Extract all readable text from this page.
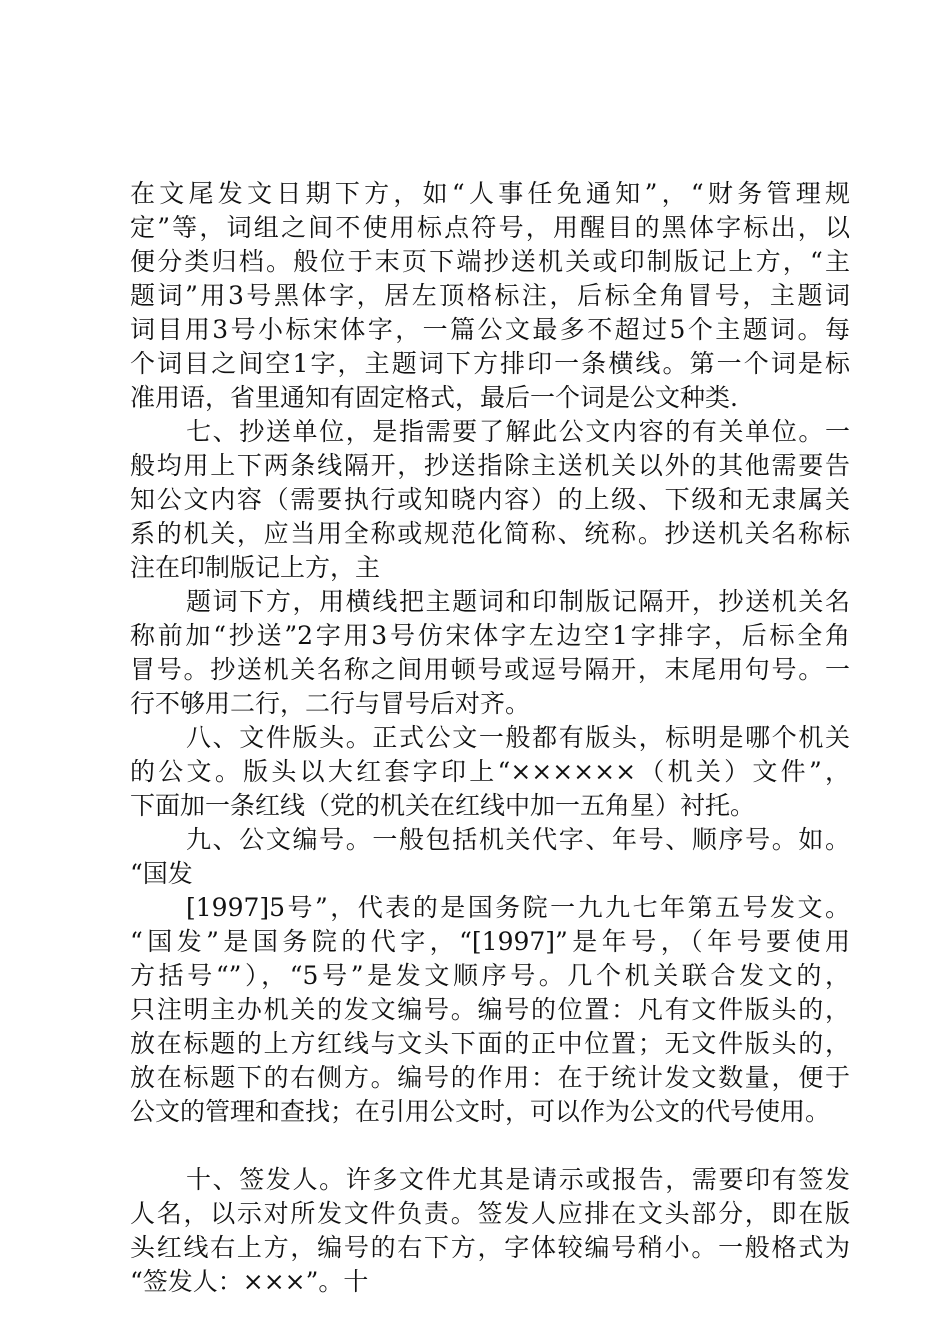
在文尾发文日期下方，如“人事任免通知”，“财务管理规
定”等，词组之间不使用标点符号，用醒目的黑体字标出，以
便分类归档。般位于末页下端抄送机关或印制版记上方，“主
题词”用3号黑体字，居左顶格标注，后标全角冒号，主题词
词目用3号小标宋体字，一篇公文最多不超过5个主题词。每
个词目之间空1字，主题词下方排印一条横线。第一个词是标
准用语，省里通知有固定格式，最后一个词是公文种类.
七、抄送单位，是指需要了解此公文内容的有关单位。一
般均用上下两条线隔开，抄送指除主送机关以外的其他需要告
知公文内容（需要执行或知晓内容）的上级、下级和无隶属关
系的机关，应当用全称或规范化简称、统称。抄送机关名称标
注在印制版记上方，主
题词下方，用横线把主题词和印制版记隔开，抄送机关名
称前加“抄送”2字用3号仿宋体字左边空1字排字，后标全角
冒号。抄送机关名称之间用顿号或逗号隔开，末尾用句号。一
行不够用二行，二行与冒号后对齐。
八、文件版头。正式公文一般都有版头，标明是哪个机关
的公文。版头以大红套字印上“××××××（机关）文件”，
下面加一条红线（党的机关在红线中加一五角星）衬托。
九、公文编号。一般包括机关代字、年号、顺序号。如。
“国发
[1997]5号”，代表的是国务院一九九七年第五号发文。
“国发”是国务院的代字，“[1997]”是年号，（年号要使用
方括号“”），“5号”是发文顺序号。几个机关联合发文的，
只注明主办机关的发文编号。编号的位置：凡有文件版头的，
放在标题的上方红线与文头下面的正中位置；无文件版头的，
放在标题下的右侧方。编号的作用：在于统计发文数量，便于
公文的管理和查找；在引用公文时，可以作为公文的代号使用。
十、签发人。许多文件尤其是请示或报告，需要印有签发
人名，以示对所发文件负责。签发人应排在文头部分，即在版
头红线右上方，编号的右下方，字体较编号稍小。一般格式为
“签发人：×××”。十
